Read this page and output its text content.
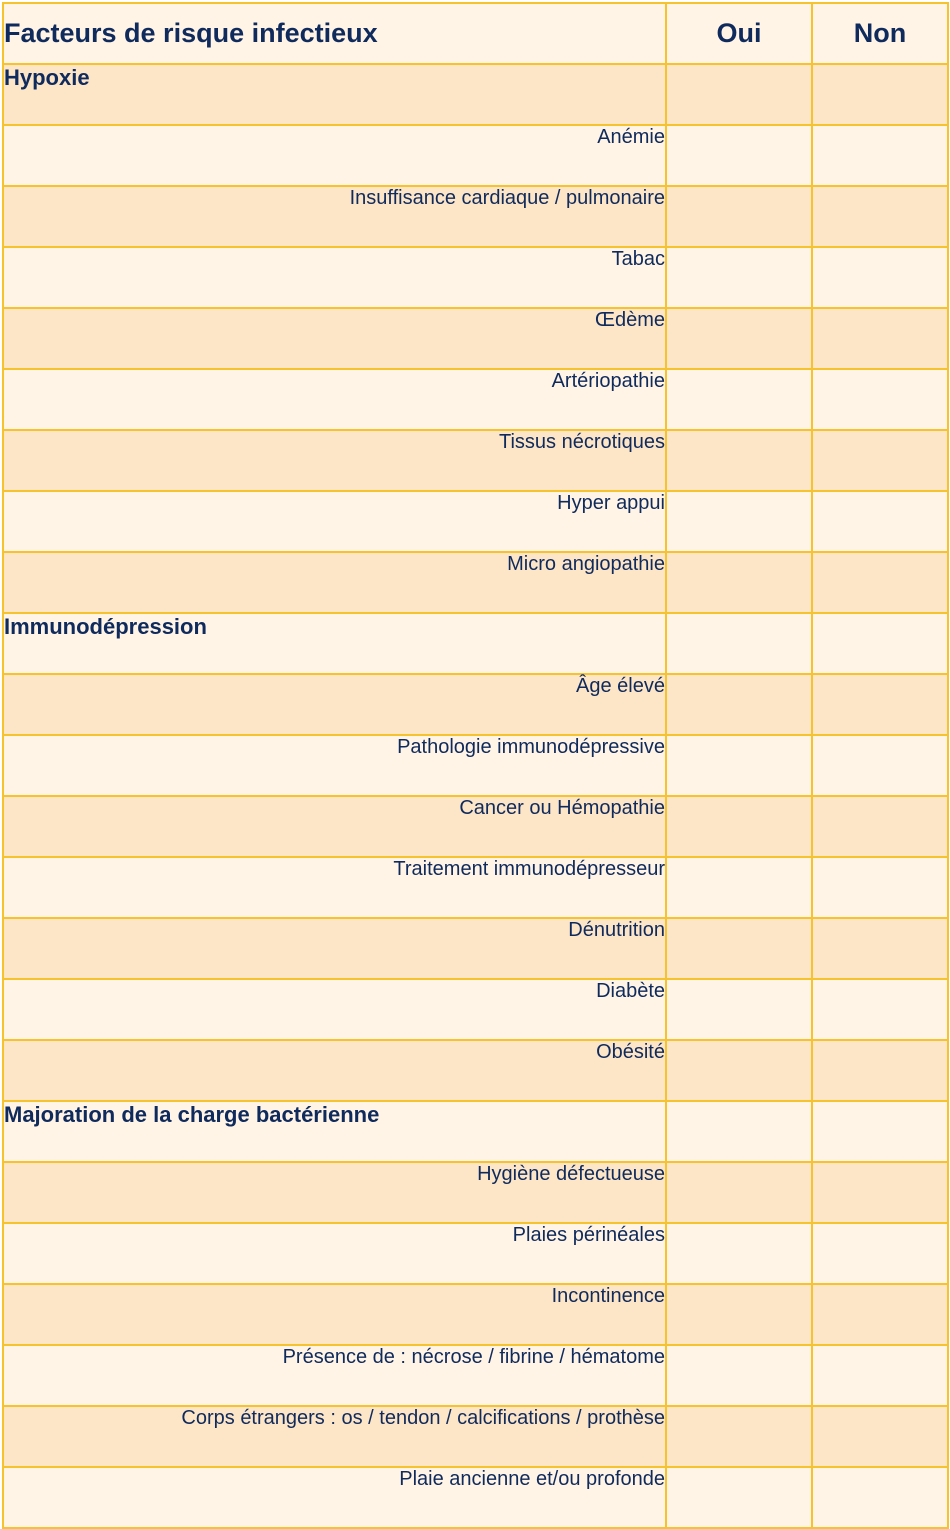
Facteurs de risque infectieux	Oui	Non
Hypoxie		
Anémie		
Insuffisance cardiaque / pulmonaire		
Tabac		
Œdème		
Artériopathie		
Tissus nécrotiques		
Hyper appui		
Micro angiopathie		
Immunodépression		
Âge élevé		
Pathologie immunodépressive		
Cancer ou Hémopathie		
Traitement immunodépresseur		
Dénutrition		
Diabète		
Obésité		
Majoration de la charge bactérienne		
Hygiène défectueuse		
Plaies périnéales		
Incontinence		
Présence de : nécrose / fibrine / hématome		
Corps étrangers : os / tendon / calcifications / prothèse		
Plaie ancienne et/ou profonde		
